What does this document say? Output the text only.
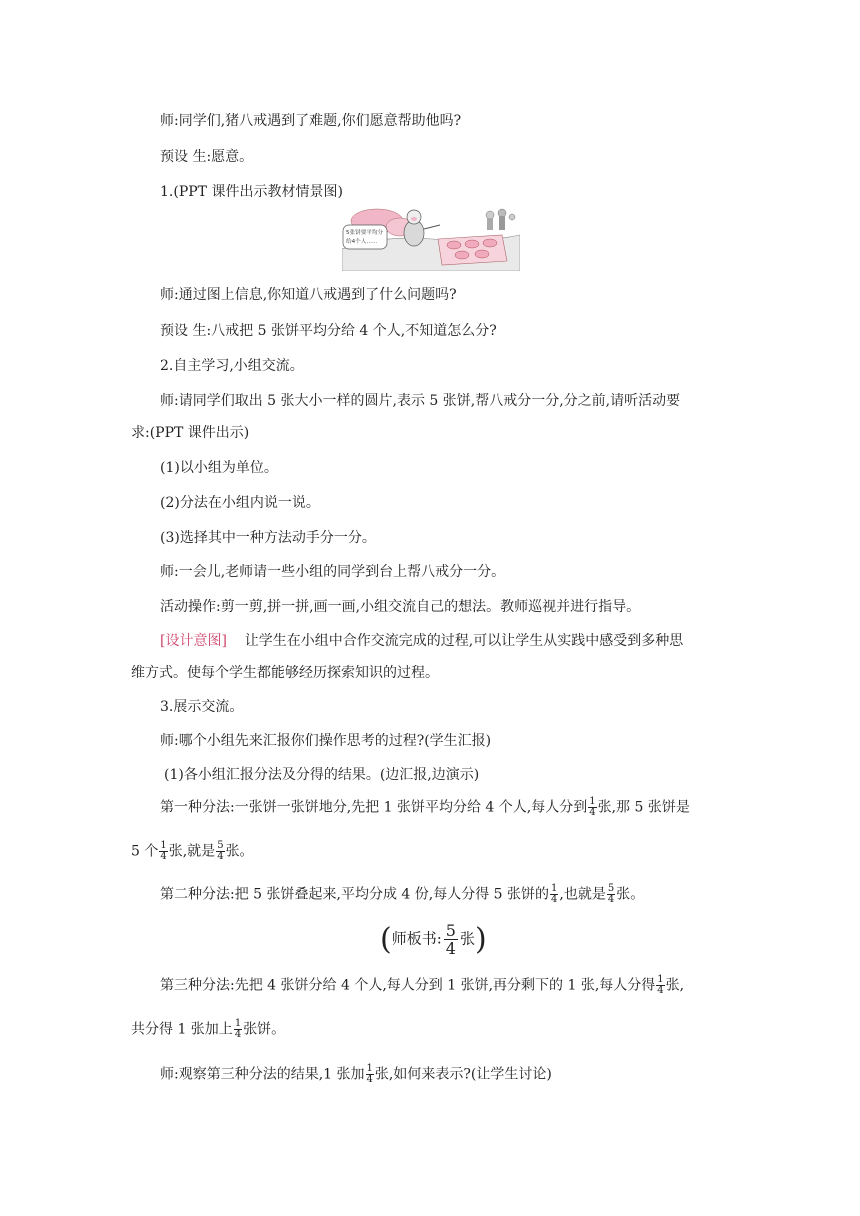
师:同学们,猪八戒遇到了难题,你们愿意帮助他吗?
预设 生:愿意。
1.(PPT 课件出示教材情景图)
5张饼要平均分
给4个人……
师:通过图上信息,你知道八戒遇到了什么问题吗?
预设 生:八戒把 5 张饼平均分给 4 个人,不知道怎么分?
2.自主学习,小组交流。
师:请同学们取出 5 张大小一样的圆片,表示 5 张饼,帮八戒分一分,分之前,请听活动要
求:(PPT 课件出示)
(1)以小组为单位。
(2)分法在小组内说一说。
(3)选择其中一种方法动手分一分。
师:一会儿,老师请一些小组的同学到台上帮八戒分一分。
活动操作:剪一剪,拼一拼,画一画,小组交流自己的想法。教师巡视并进行指导。
[设计意图] 让学生在小组中合作交流完成的过程,可以让学生从实践中感受到多种思
维方式。使每个学生都能够经历探索知识的过程。
3.展示交流。
师:哪个小组先来汇报你们操作思考的过程?(学生汇报)
(1)各小组汇报分法及分得的结果。(边汇报,边演示)
第一种分法:一张饼一张饼地分,先把 1 张饼平均分给 4 个人,每人分到 $\frac{1}{4}$ 张,那 5 张饼是
5 个 $\frac{1}{4}$ 张,就是 $\frac{5}{4}$ 张。
第二种分法:把 5 张饼叠起来,平均分成 4 份,每人分得 5 张饼的 $\frac{1}{4}$ ,也就是 $\frac{5}{4}$ 张。
(师板书: $\frac{5}{4}$ 张)
第三种分法:先把 4 张饼分给 4 个人,每人分到 1 张饼,再分剩下的 1 张,每人分得 $\frac{1}{4}$ 张,
共分得 1 张加上 $\frac{1}{4}$ 张饼。
师:观察第三种分法的结果,1 张加 $\frac{1}{4}$ 张,如何来表示?(让学生讨论)
